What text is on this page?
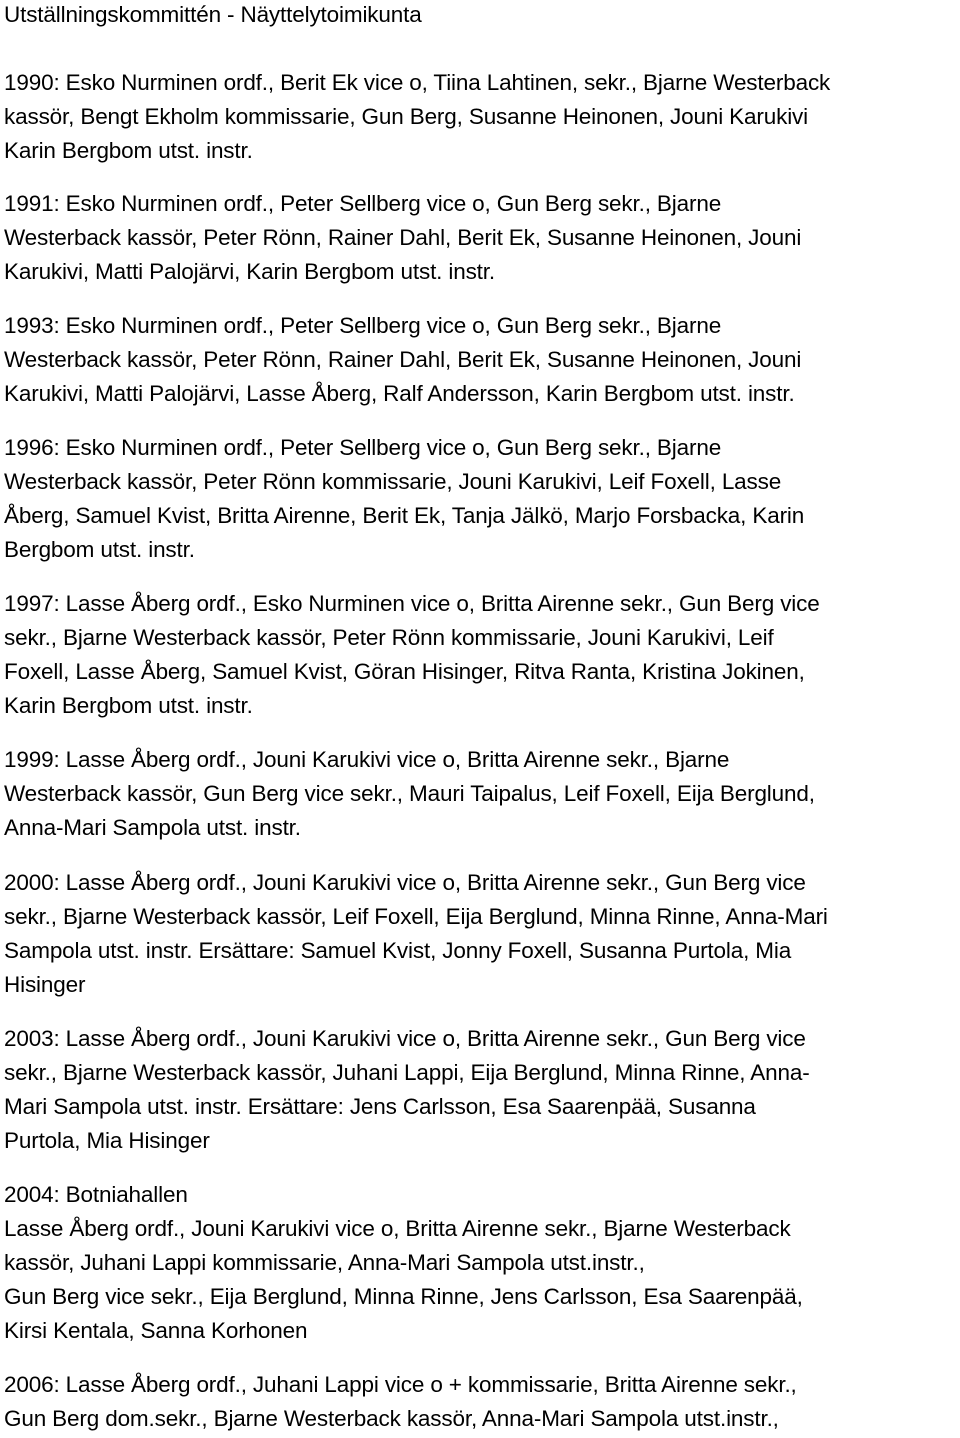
Utställningskommittén - Näyttelytoimikunta
1990: Esko Nurminen ordf., Berit Ek vice o, Tiina Lahtinen, sekr., Bjarne Westerback
kassör, Bengt Ekholm kommissarie, Gun Berg, Susanne Heinonen, Jouni Karukivi
Karin Bergbom utst. instr.
1991: Esko Nurminen ordf., Peter Sellberg vice o, Gun Berg sekr., Bjarne
Westerback kassör, Peter Rönn, Rainer Dahl, Berit Ek, Susanne Heinonen, Jouni
Karukivi, Matti Palojärvi, Karin Bergbom utst. instr.
1993: Esko Nurminen ordf., Peter Sellberg vice o, Gun Berg sekr., Bjarne
Westerback kassör, Peter Rönn, Rainer Dahl, Berit Ek, Susanne Heinonen, Jouni
Karukivi, Matti Palojärvi, Lasse Åberg, Ralf Andersson, Karin Bergbom utst. instr.
1996: Esko Nurminen ordf., Peter Sellberg vice o, Gun Berg sekr., Bjarne
Westerback kassör, Peter Rönn kommissarie, Jouni Karukivi, Leif Foxell, Lasse
Åberg, Samuel Kvist, Britta Airenne, Berit Ek, Tanja Jälkö, Marjo Forsbacka, Karin
Bergbom utst. instr.
1997: Lasse Åberg ordf., Esko Nurminen vice o, Britta Airenne sekr., Gun Berg vice
sekr., Bjarne Westerback kassör, Peter Rönn kommissarie, Jouni Karukivi, Leif
Foxell, Lasse Åberg, Samuel Kvist, Göran Hisinger, Ritva Ranta, Kristina Jokinen,
Karin Bergbom utst. instr.
1999: Lasse Åberg ordf., Jouni Karukivi vice o, Britta Airenne sekr., Bjarne
Westerback kassör, Gun Berg vice sekr., Mauri Taipalus, Leif Foxell, Eija Berglund,
Anna-Mari Sampola utst. instr.
2000: Lasse Åberg ordf., Jouni Karukivi vice o, Britta Airenne sekr., Gun Berg vice
sekr., Bjarne Westerback kassör, Leif Foxell, Eija Berglund, Minna Rinne, Anna-Mari
Sampola utst. instr. Ersättare: Samuel Kvist, Jonny Foxell, Susanna Purtola, Mia
Hisinger
2003: Lasse Åberg ordf., Jouni Karukivi vice o, Britta Airenne sekr., Gun Berg vice
sekr., Bjarne Westerback kassör, Juhani Lappi, Eija Berglund, Minna Rinne, Anna-
Mari Sampola utst. instr. Ersättare: Jens Carlsson, Esa Saarenpää, Susanna
Purtola, Mia Hisinger
2004: Botniahallen
Lasse Åberg ordf., Jouni Karukivi vice o, Britta Airenne sekr., Bjarne Westerback
kassör, Juhani Lappi kommissarie, Anna-Mari Sampola utst.instr.,
Gun Berg vice sekr., Eija Berglund, Minna Rinne, Jens Carlsson, Esa Saarenpää,
Kirsi Kentala, Sanna Korhonen
2006: Lasse Åberg ordf., Juhani Lappi vice o + kommissarie, Britta Airenne sekr.,
Gun Berg dom.sekr., Bjarne Westerback kassör, Anna-Mari Sampola utst.instr.,
